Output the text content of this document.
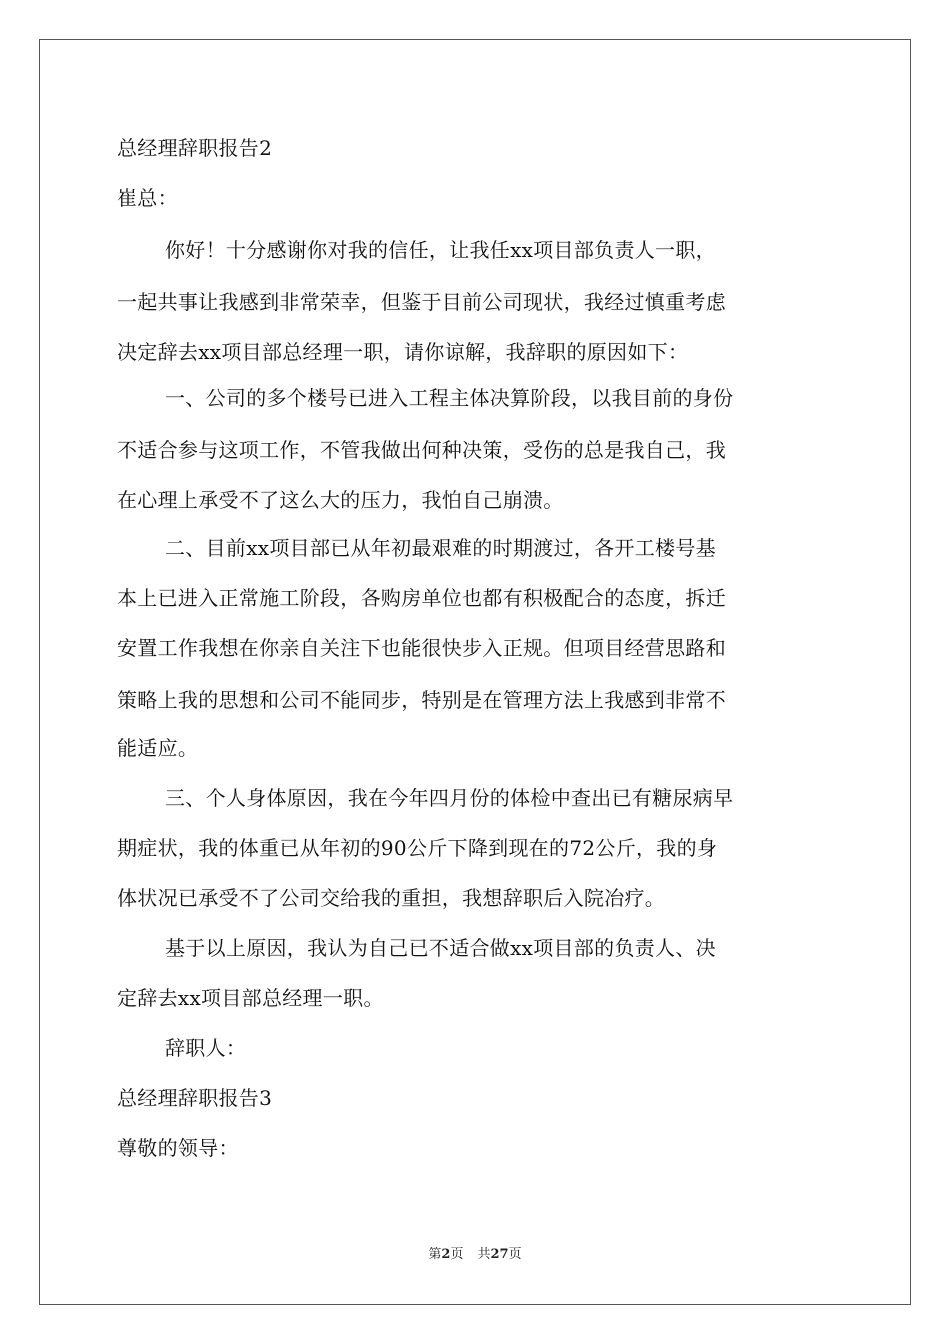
总经理辞职报告2
崔总：
你好！十分感谢你对我的信任，让我任xx项目部负责人一职，
一起共事让我感到非常荣幸，但鉴于目前公司现状，我经过慎重考虑
决定辞去xx项目部总经理一职，请你谅解，我辞职的原因如下：
一、公司的多个楼号已进入工程主体决算阶段，以我目前的身份
不适合参与这项工作，不管我做出何种决策，受伤的总是我自己，我
在心理上承受不了这么大的压力，我怕自己崩溃。
二、目前xx项目部已从年初最艰难的时期渡过，各开工楼号基
本上已进入正常施工阶段，各购房单位也都有积极配合的态度，拆迁
安置工作我想在你亲自关注下也能很快步入正规。但项目经营思路和
策略上我的思想和公司不能同步，特别是在管理方法上我感到非常不
能适应。
三、个人身体原因，我在今年四月份的体检中查出已有糖尿病早
期症状，我的体重已从年初的90公斤下降到现在的72公斤，我的身
体状况已承受不了公司交给我的重担，我想辞职后入院冶疗。
基于以上原因，我认为自己已不适合做xx项目部的负责人、决
定辞去xx项目部总经理一职。
辞职人：
总经理辞职报告3
尊敬的领导：
第2页 共27页
